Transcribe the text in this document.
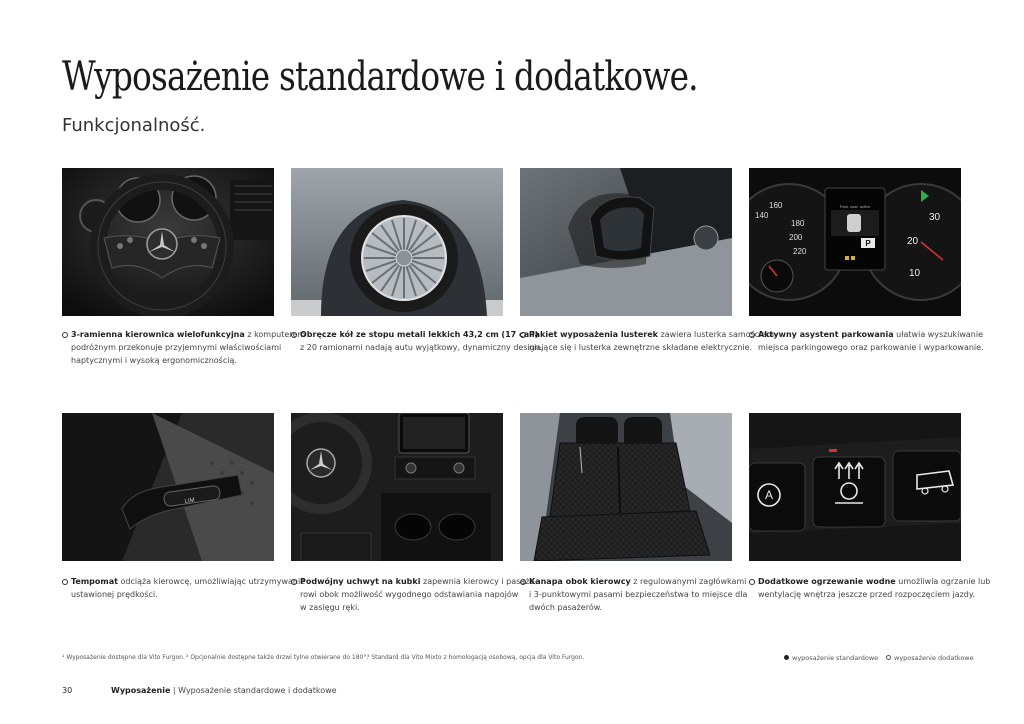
Wyposażenie standardowe i dodatkowe.
Funkcjonalność.
P
Park. asst. active
140
160
180
200
220
30
20
10
LIM	A
3-ramienna kierownica wielofunkcyjna z komputerem
podróżnym przekonuje przyjemnymi właściwościami
haptycznymi i wysoką ergonomicznością.
Obręcze kół ze stopu metali lekkich 43,2 cm (17 cali)
z 20 ramionami nadają autu wyjątkowy, dynamiczny design.
Pakiet wyposażenia lusterek zawiera lusterka samościem-
niające się i lusterka zewnętrzne składane elektrycznie.
Aktywny asystent parkowania ułatwia wyszukiwanie
miejsca parkingowego oraz parkowanie i wyparkowanie.
Tempomat odciąża kierowcę, umożliwiając utrzymywanie
ustawionej prędkości.
Podwójny uchwyt na kubki zapewnia kierowcy i pasaże-
rowi obok możliwość wygodnego odstawiania napojów
w zasięgu ręki.
Kanapa obok kierowcy z regulowanymi zagłówkami
i 3-punktowymi pasami bezpieczeństwa to miejsce dla
dwóch pasażerów.
Dodatkowe ogrzewanie wodne umożliwia ogrzanie lub
wentylację wnętrza jeszcze przed rozpoczęciem jazdy.
¹ Wyposażenie dostępne dla Vito Furgon. ² Opcjonalnie dostępne także drzwi tylne otwierane do 180°.
³ Standard dla Vito Mixto z homologacją osobową, opcja dla Vito Furgon.	wyposażenie standardowe	wyposażenie dodatkowe
30	Wyposażenie | Wyposażenie standardowe i dodatkowe
